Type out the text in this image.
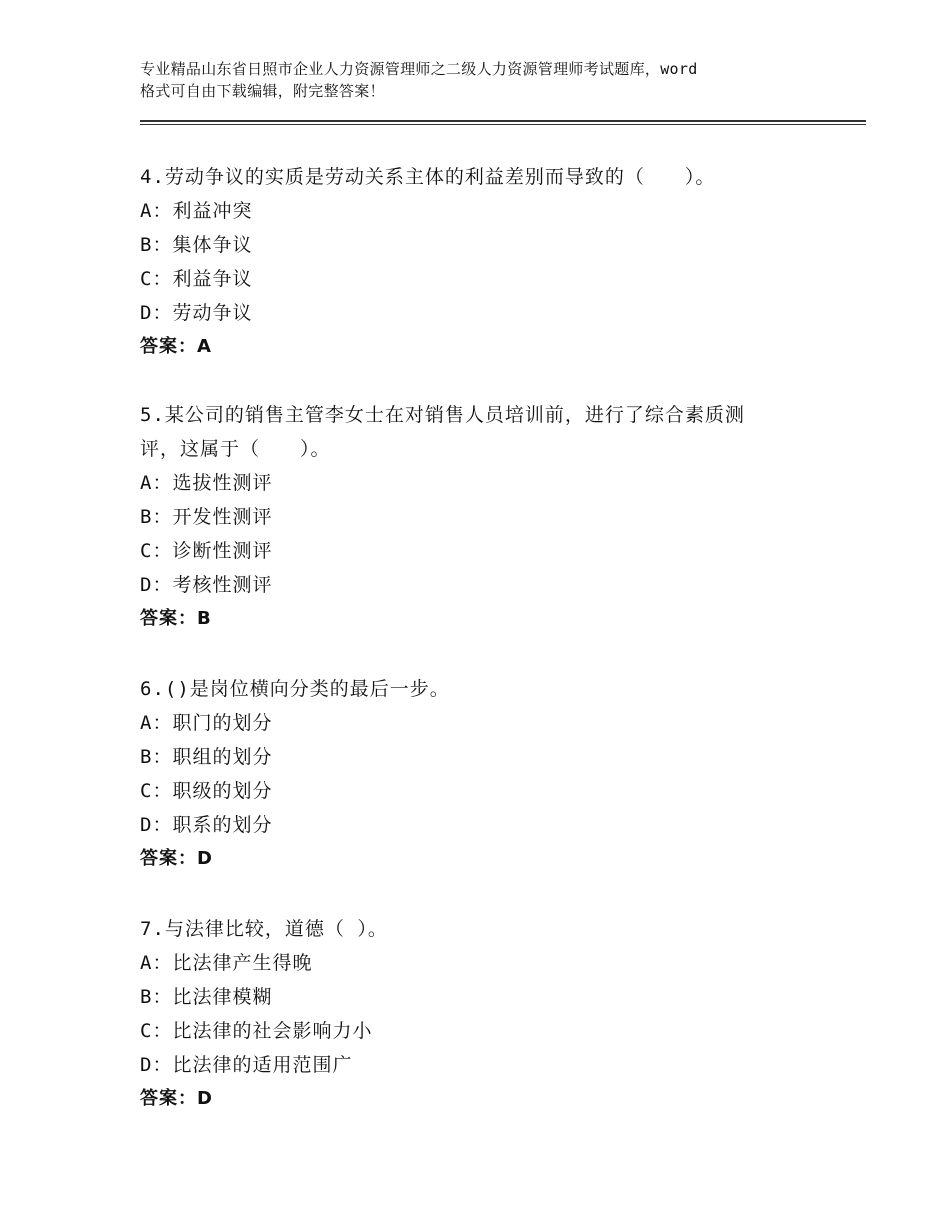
专业精品山东省日照市企业人力资源管理师之二级人力资源管理师考试题库，word
格式可自由下载编辑，附完整答案！
4.劳动争议的实质是劳动关系主体的利益差别而导致的（　　）。
A：利益冲突
B：集体争议
C：利益争议
D：劳动争议
答案：A
5.某公司的销售主管李女士在对销售人员培训前，进行了综合素质测
评，这属于（　　）。
A：选拔性测评
B：开发性测评
C：诊断性测评
D：考核性测评
答案：B
6.()是岗位横向分类的最后一步。
A：职门的划分
B：职组的划分
C：职级的划分
D：职系的划分
答案：D
7.与法律比较，道德（ ）。
A：比法律产生得晚
B：比法律模糊
C：比法律的社会影响力小
D：比法律的适用范围广
答案：D
